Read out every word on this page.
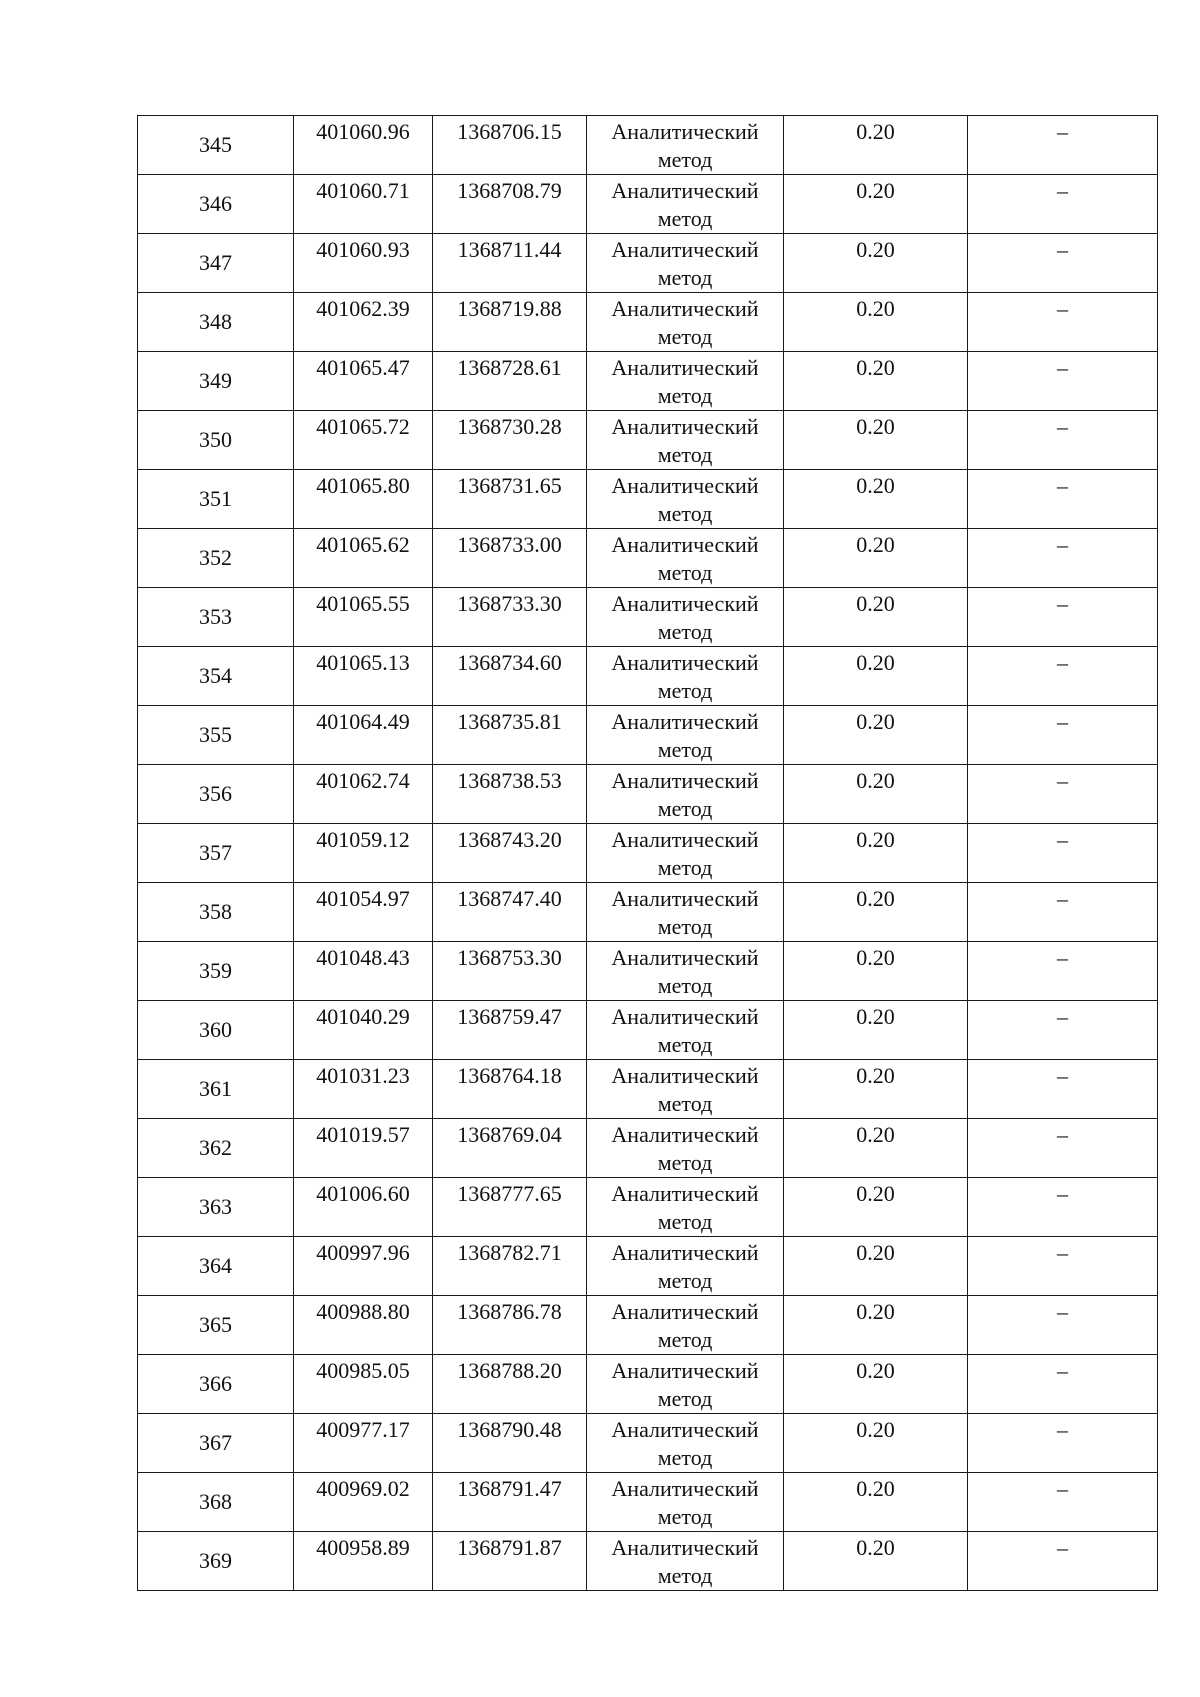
345	401060.96	1368706.15	Аналитический метод	0.20	–

346	401060.71	1368708.79	Аналитический метод	0.20	–

347	401060.93	1368711.44	Аналитический метод	0.20	–

348	401062.39	1368719.88	Аналитический метод	0.20	–

349	401065.47	1368728.61	Аналитический метод	0.20	–

350	401065.72	1368730.28	Аналитический метод	0.20	–

351	401065.80	1368731.65	Аналитический метод	0.20	–

352	401065.62	1368733.00	Аналитический метод	0.20	–

353	401065.55	1368733.30	Аналитический метод	0.20	–

354	401065.13	1368734.60	Аналитический метод	0.20	–

355	401064.49	1368735.81	Аналитический метод	0.20	–

356	401062.74	1368738.53	Аналитический метод	0.20	–

357	401059.12	1368743.20	Аналитический метод	0.20	–

358	401054.97	1368747.40	Аналитический метод	0.20	–

359	401048.43	1368753.30	Аналитический метод	0.20	–

360	401040.29	1368759.47	Аналитический метод	0.20	–

361	401031.23	1368764.18	Аналитический метод	0.20	–

362	401019.57	1368769.04	Аналитический метод	0.20	–

363	401006.60	1368777.65	Аналитический метод	0.20	–

364	400997.96	1368782.71	Аналитический метод	0.20	–

365	400988.80	1368786.78	Аналитический метод	0.20	–

366	400985.05	1368788.20	Аналитический метод	0.20	–

367	400977.17	1368790.48	Аналитический метод	0.20	–

368	400969.02	1368791.47	Аналитический метод	0.20	–

369	400958.89	1368791.87	Аналитический метод	0.20	–
